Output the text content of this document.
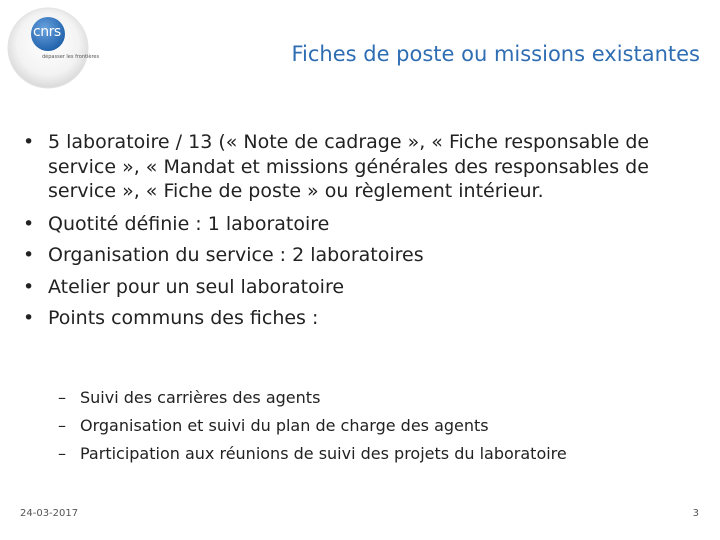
cnrs
dépasser les frontières	Fiches de poste ou missions existantes
• 5 laboratoire / 13 (« Note de cadrage », « Fiche responsable de service », « Mandat et missions générales des responsables de service », « Fiche de poste » ou règlement intérieur.
• Quotité définie : 1 laboratoire
• Organisation du service : 2 laboratoires
• Atelier pour un seul laboratoire
• Points communs des fiches :
– Suivi des carrières des agents
– Organisation et suivi du plan de charge des agents
– Participation aux réunions de suivi des projets du laboratoire
24-03-2017	3
